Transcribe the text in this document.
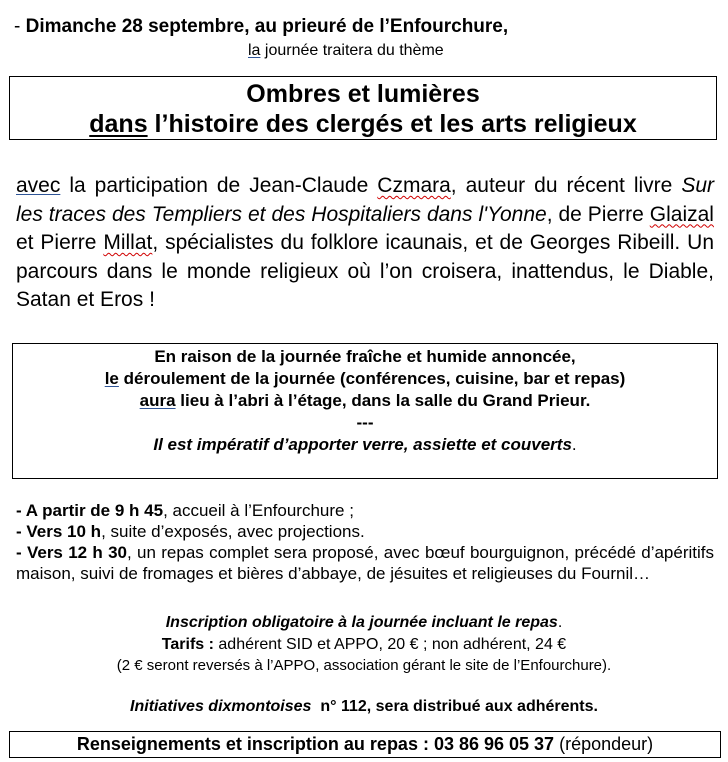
- Dimanche 28 septembre, au prieuré de l’Enfourchure,
la journée traitera du thème
Ombres et lumières
dans l’histoire des clergés et les arts religieux
avec la participation de Jean-Claude Czmara, auteur du récent livre Sur les traces des Templiers et des Hospitaliers dans l'Yonne, de Pierre Glaizal et Pierre Millat, spécialistes du folklore icaunais, et de Georges Ribeill. Un parcours dans le monde religieux où l’on croisera, inattendus, le Diable, Satan et Eros !
En raison de la journée fraîche et humide annoncée,
le déroulement de la journée (conférences, cuisine, bar et repas)
aura lieu à l’abri à l’étage, dans la salle du Grand Prieur.
---
Il est impératif d’apporter verre, assiette et couverts.
- A partir de 9 h 45, accueil à l’Enfourchure ;
- Vers 10 h, suite d’exposés, avec projections.
- Vers 12 h 30, un repas complet sera proposé, avec bœuf bourguignon, précédé d’apéritifs maison, suivi de fromages et bières d’abbaye, de jésuites et religieuses du Fournil…
Inscription obligatoire à la journée incluant le repas.
Tarifs : adhérent SID et APPO, 20 € ; non adhérent, 24 €
(2 € seront reversés à l’APPO, association gérant le site de l’Enfourchure).
Initiatives dixmontoises  n° 112, sera distribué aux adhérents.
Renseignements et inscription au repas : 03 86 96 05 37 (répondeur)
